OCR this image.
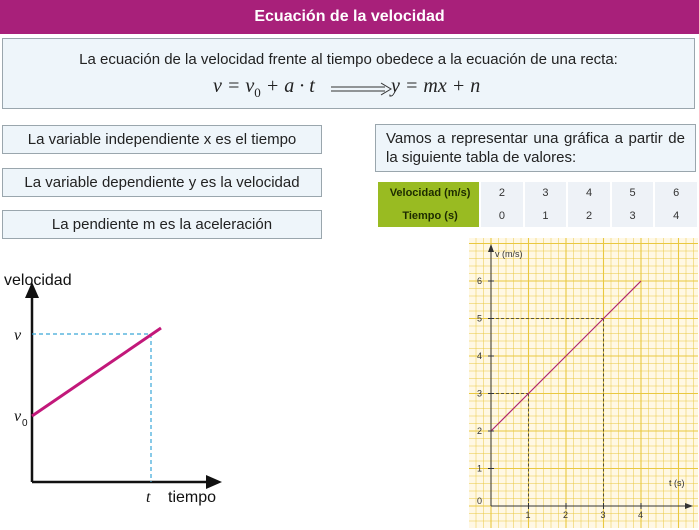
Ecuación de la velocidad
La ecuación de la velocidad frente al tiempo obedece a la ecuación de una recta:
$v = v_0 + a \cdot t$	y = mx + n
La variable independiente x es el tiempo
La variable dependiente y es la velocidad
La pendiente m es la aceleración
Vamos a representar una gráfica a partir de la siguiente tabla de valores:
Velocidad (m/s)	2	3	4	5	6
Tiempo (s)	0	1	2	3	4
velocidad
tiempo
v
v 0
t	0
1	2	3	4
1
2
3
4
5
6
v (m/s)
t (s)
